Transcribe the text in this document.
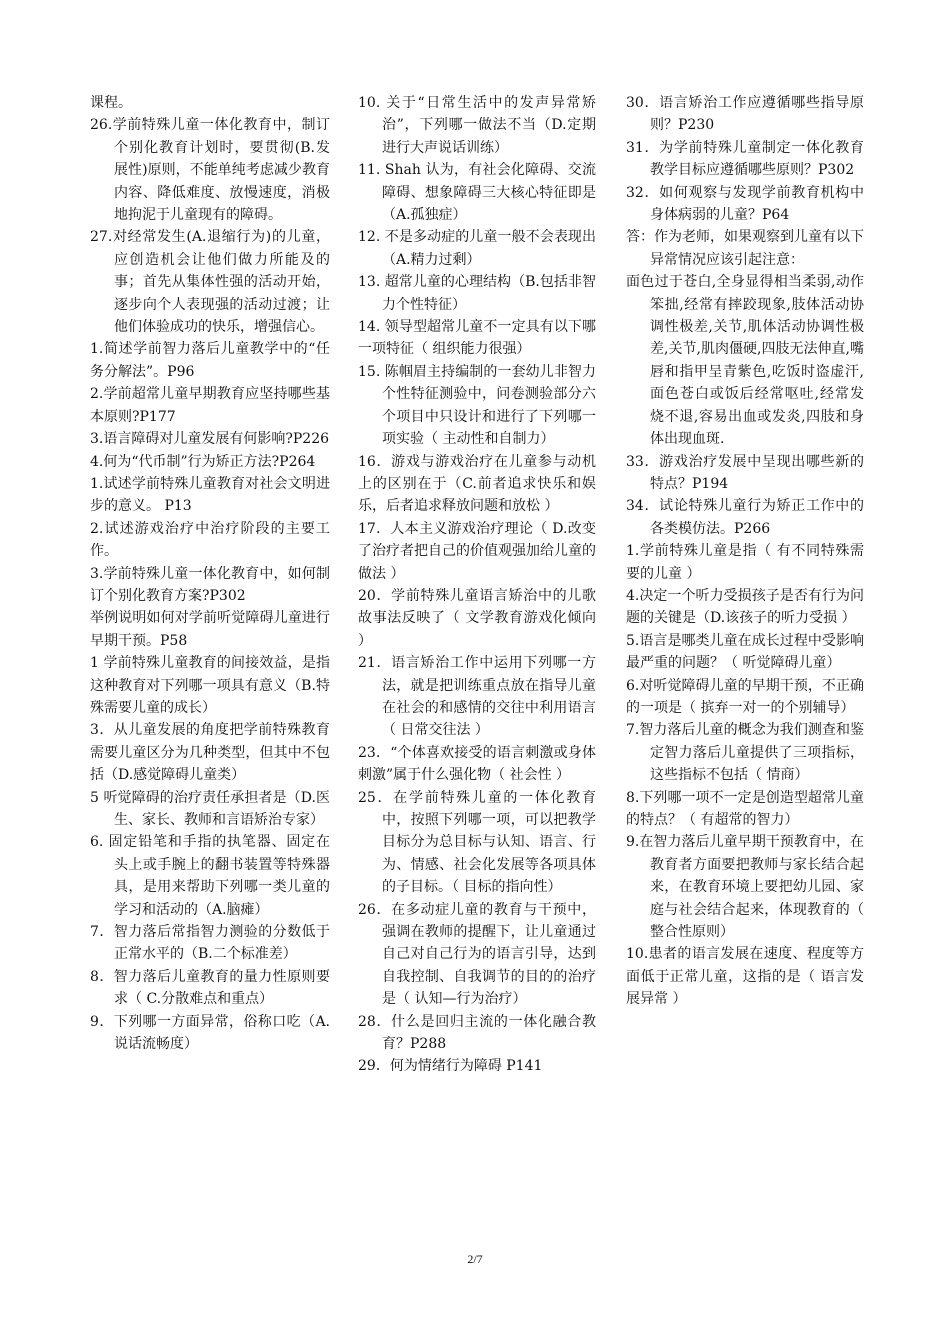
课程。

26.学前特殊儿童一体化教育中，制订个别化教育计划时，要贯彻(B.发展性)原则，不能单纯考虑减少教育内容、降低难度、放慢速度，消极地拘泥于儿童现有的障碍。

27.对经常发生(A.退缩行为)的儿童，应创造机会让他们做力所能及的事；首先从集体性强的活动开始，逐步向个人表现强的活动过渡；让他们体验成功的快乐，增强信心。

1.简述学前智力落后儿童教学中的“任务分解法”。P96

2.学前超常儿童早期教育应坚持哪些基本原则?P177

3.语言障碍对儿童发展有何影响?P226

4.何为“代币制”行为矫正方法?P264

1.试述学前特殊儿童教育对社会文明进步的意义。 P13

2.试述游戏治疗中治疗阶段的主要工作。

3.学前特殊儿童一体化教育中，如何制订个别化教育方案?P302

举例说明如何对学前听觉障碍儿童进行早期干预。P58

1 学前特殊儿童教育的间接效益，是指这种教育对下列哪一项具有意义（B.特殊需要儿童的成长）

3．从儿童发展的角度把学前特殊教育需要儿童区分为几种类型，但其中不包括（D.感觉障碍儿童类）

5 听觉障碍的治疗责任承担者是（D.医生、家长、教师和言语矫治专家）

6. 固定铅笔和手指的执笔器、固定在头上或手腕上的翻书装置等特殊器具，是用来帮助下列哪一类儿童的学习和活动的（A.脑瘫）

7．智力落后常指智力测验的分数低于正常水平的（B.二个标准差）

8．智力落后儿童教育的量力性原则要求（ C.分散难点和重点）

9．下列哪一方面异常，俗称口吃（A.说话流畅度）

10. 关于“日常生活中的发声异常矫治”，下列哪一做法不当（D.定期进行大声说话训练）

11. Shah 认为，有社会化障碍、交流障碍、想象障碍三大核心特征即是（A.孤独症）

12. 不是多动症的儿童一般不会表现出（A.精力过剩）

13. 超常儿童的心理结构（B.包括非智力个性特征）

14. 领导型超常儿童不一定具有以下哪一项特征（ 组织能力很强）

15. 陈帼眉主持编制的一套幼儿非智力个性特征测验中，问卷测验部分六个项目中只设计和进行了下列哪一项实验（ 主动性和自制力）

16．游戏与游戏治疗在儿童参与动机上的区别在于（C.前者追求快乐和娱乐，后者追求释放问题和放松 ）

17．人本主义游戏治疗理论（ D.改变了治疗者把自己的价值观强加给儿童的做法 ）

20．学前特殊儿童语言矫治中的儿歌故事法反映了（ 文学教育游戏化倾向 ）

21．语言矫治工作中运用下列哪一方法，就是把训练重点放在指导儿童在社会的和感情的交往中利用语言（ 日常交往法 ）

23．“个体喜欢接受的语言刺激或身体刺激”属于什么强化物（ 社会性 ）

25．在学前特殊儿童的一体化教育中，按照下列哪一项，可以把教学目标分为总目标与认知、语言、行为、情感、社会化发展等各项具体的子目标。（ 目标的指向性）

26．在多动症儿童的教育与干预中，强调在教师的提醒下，让儿童通过自己对自己行为的语言引导，达到自我控制、自我调节的目的的治疗是（ 认知—行为治疗）

28．什么是回归主流的一体化融合教育？P288

29．何为情绪行为障碍 P141

30．语言矫治工作应遵循哪些指导原则？P230

31．为学前特殊儿童制定一体化教育教学目标应遵循哪些原则？P302

32．如何观察与发现学前教育机构中身体病弱的儿童？P64

答：作为老师，如果观察到儿童有以下异常情况应该引起注意：

面色过于苍白,全身显得相当柔弱,动作笨拙,经常有摔跤现象,肢体活动协调性极差,关节,肌体活动协调性极差,关节,肌肉僵硬,四肢无法伸直,嘴唇和指甲呈青紫色,吃饭时盗虚汗,面色苍白或饭后经常呕吐,经常发烧不退,容易出血或发炎,四肢和身体出现血斑.

33．游戏治疗发展中呈现出哪些新的特点？P194

34．试论特殊儿童行为矫正工作中的各类模仿法。P266

1.学前特殊儿童是指（ 有不同特殊需要的儿童 ）

4.决定一个听力受损孩子是否有行为问题的关键是（D.该孩子的听力受损 ）

5.语言是哪类儿童在成长过程中受影响最严重的问题？（ 听觉障碍儿童）

6.对听觉障碍儿童的早期干预，不正确的一项是（ 摈弃一对一的个别辅导）

7.智力落后儿童的概念为我们测查和鉴定智力落后儿童提供了三项指标，这些指标不包括（ 情商）

8.下列哪一项不一定是创造型超常儿童的特点？（ 有超常的智力）

9.在智力落后儿童早期干预教育中，在教育者方面要把教师与家长结合起来，在教育环境上要把幼儿园、家庭与社会结合起来，体现教育的（ 整合性原则）

10.患者的语言发展在速度、程度等方面低于正常儿童，这指的是（ 语言发展异常 ）

2/7
